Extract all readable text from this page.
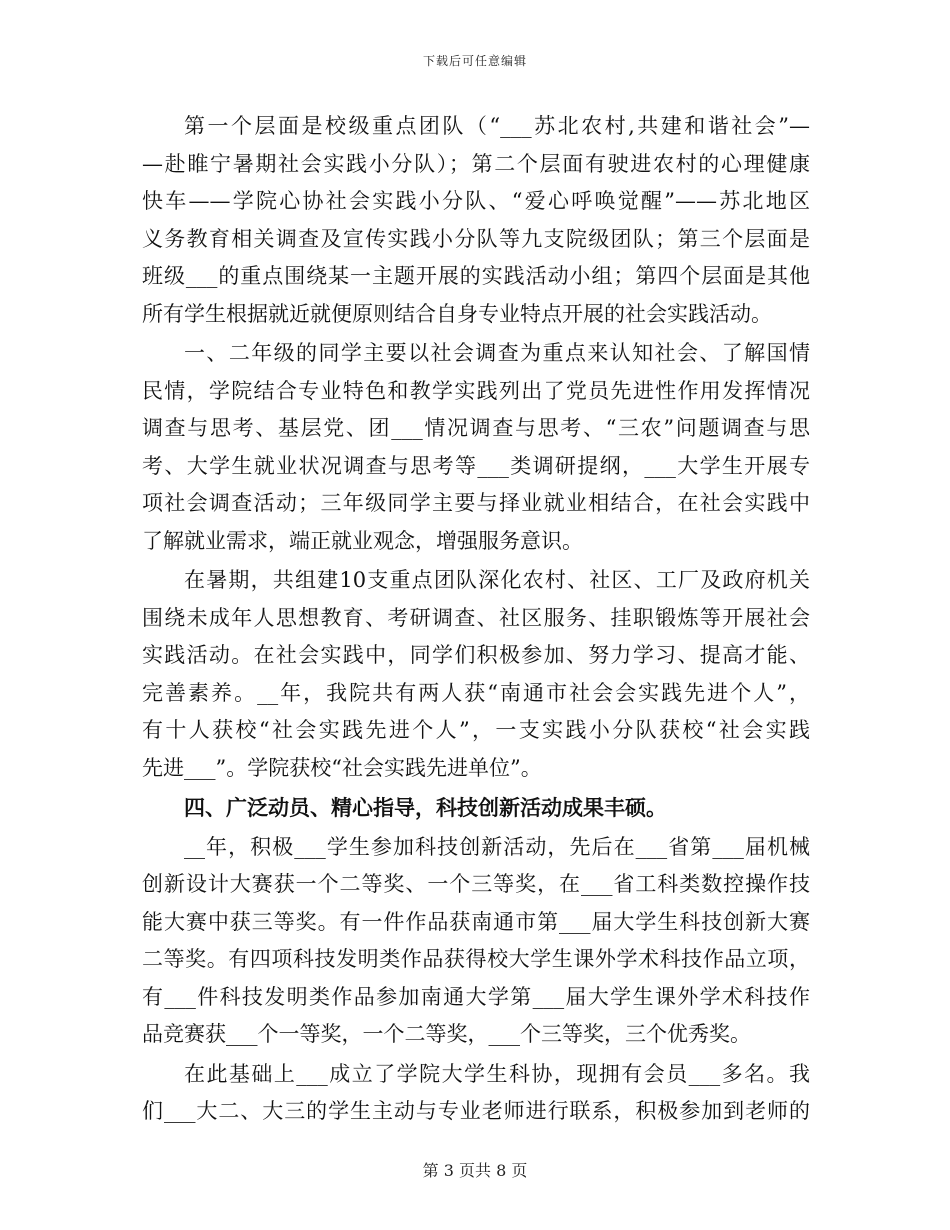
下载后可任意编辑
第一个层面是校级重点团队（“___苏北农村,共建和谐社会”—
—赴睢宁暑期社会实践小分队）；第二个层面有驶进农村的心理健康
快车——学院心协社会实践小分队、“爱心呼唤觉醒”——苏北地区
义务教育相关调查及宣传实践小分队等九支院级团队；第三个层面是
班级___的重点围绕某一主题开展的实践活动小组；第四个层面是其他
所有学生根据就近就便原则结合自身专业特点开展的社会实践活动。
一、二年级的同学主要以社会调查为重点来认知社会、了解国情
民情，学院结合专业特色和教学实践列出了党员先进性作用发挥情况
调查与思考、基层党、团___情况调查与思考、“三农”问题调查与思
考、大学生就业状况调查与思考等___类调研提纲，___大学生开展专
项社会调查活动；三年级同学主要与择业就业相结合，在社会实践中
了解就业需求，端正就业观念，增强服务意识。
在暑期，共组建10支重点团队深化农村、社区、工厂及政府机关
围绕未成年人思想教育、考研调查、社区服务、挂职锻炼等开展社会
实践活动。在社会实践中，同学们积极参加、努力学习、提高才能、
完善素养。__年，我院共有两人获“南通市社会会实践先进个人”，
有十人获校“社会实践先进个人”，一支实践小分队获校“社会实践
先进___”。学院获校“社会实践先进单位”。
四、广泛动员、精心指导，科技创新活动成果丰硕。
__年，积极___学生参加科技创新活动，先后在___省第___届机械
创新设计大赛获一个二等奖、一个三等奖，在___省工科类数控操作技
能大赛中获三等奖。有一件作品获南通市第___届大学生科技创新大赛
二等奖。有四项科技发明类作品获得校大学生课外学术科技作品立项，
有___件科技发明类作品参加南通大学第___届大学生课外学术科技作
品竞赛获___个一等奖，一个二等奖，___个三等奖，三个优秀奖。
在此基础上___成立了学院大学生科协，现拥有会员___多名。我
们___大二、大三的学生主动与专业老师进行联系，积极参加到老师的
第 3 页共 8 页
